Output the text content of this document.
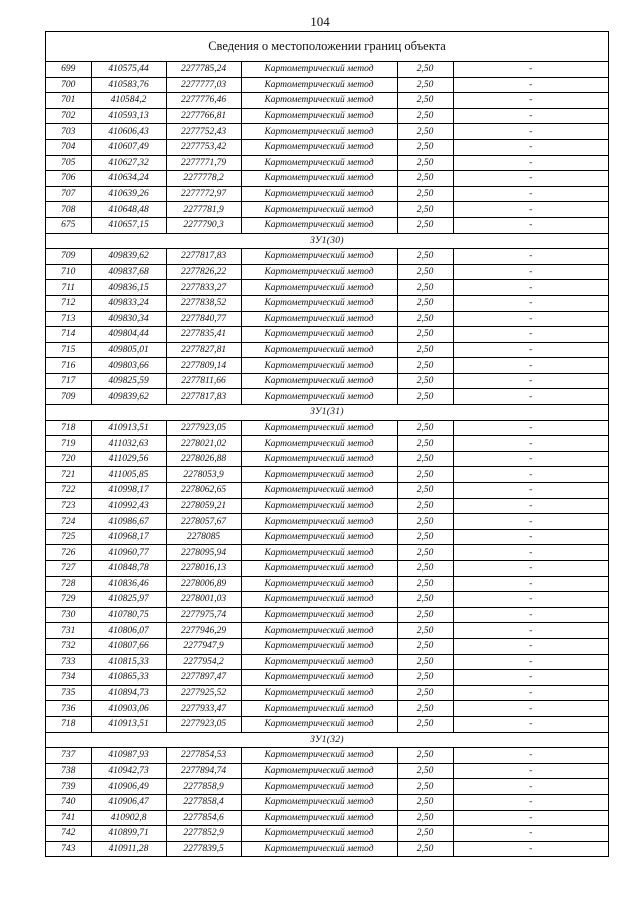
104
Сведения о местоположении границ объекта
699	410575,44	2277785,24	Картометрический метод	2,50	-
700	410583,76	2277777,03	Картометрический метод	2,50	-
701	410584,2	2277776,46	Картометрический метод	2,50	-
702	410593,13	2277766,81	Картометрический метод	2,50	-
703	410606,43	2277752,43	Картометрический метод	2,50	-
704	410607,49	2277753,42	Картометрический метод	2,50	-
705	410627,32	2277771,79	Картометрический метод	2,50	-
706	410634,24	2277778,2	Картометрический метод	2,50	-
707	410639,26	2277772,97	Картометрический метод	2,50	-
708	410648,48	2277781,9	Картометрический метод	2,50	-
675	410657,15	2277790,3	Картометрический метод	2,50	-
ЗУ1(30)					
709	409839,62	2277817,83	Картометрический метод	2,50	-
710	409837,68	2277826,22	Картометрический метод	2,50	-
711	409836,15	2277833,27	Картометрический метод	2,50	-
712	409833,24	2277838,52	Картометрический метод	2,50	-
713	409830,34	2277840,77	Картометрический метод	2,50	-
714	409804,44	2277835,41	Картометрический метод	2,50	-
715	409805,01	2277827,81	Картометрический метод	2,50	-
716	409803,66	2277809,14	Картометрический метод	2,50	-
717	409825,59	2277811,66	Картометрический метод	2,50	-
709	409839,62	2277817,83	Картометрический метод	2,50	-
ЗУ1(31)					
718	410913,51	2277923,05	Картометрический метод	2,50	-
719	411032,63	2278021,02	Картометрический метод	2,50	-
720	411029,56	2278026,88	Картометрический метод	2,50	-
721	411005,85	2278053,9	Картометрический метод	2,50	-
722	410998,17	2278062,65	Картометрический метод	2,50	-
723	410992,43	2278059,21	Картометрический метод	2,50	-
724	410986,67	2278057,67	Картометрический метод	2,50	-
725	410968,17	2278085	Картометрический метод	2,50	-
726	410960,77	2278095,94	Картометрический метод	2,50	-
727	410848,78	2278016,13	Картометрический метод	2,50	-
728	410836,46	2278006,89	Картометрический метод	2,50	-
729	410825,97	2278001,03	Картометрический метод	2,50	-
730	410780,75	2277975,74	Картометрический метод	2,50	-
731	410806,07	2277946,29	Картометрический метод	2,50	-
732	410807,66	2277947,9	Картометрический метод	2,50	-
733	410815,33	2277954,2	Картометрический метод	2,50	-
734	410865,33	2277897,47	Картометрический метод	2,50	-
735	410894,73	2277925,52	Картометрический метод	2,50	-
736	410903,06	2277933,47	Картометрический метод	2,50	-
718	410913,51	2277923,05	Картометрический метод	2,50	-
ЗУ1(32)					
737	410987,93	2277854,53	Картометрический метод	2,50	-
738	410942,73	2277894,74	Картометрический метод	2,50	-
739	410906,49	2277858,9	Картометрический метод	2,50	-
740	410906,47	2277858,4	Картометрический метод	2,50	-
741	410902,8	2277854,6	Картометрический метод	2,50	-
742	410899,71	2277852,9	Картометрический метод	2,50	-
743	410911,28	2277839,5	Картометрический метод	2,50	-
